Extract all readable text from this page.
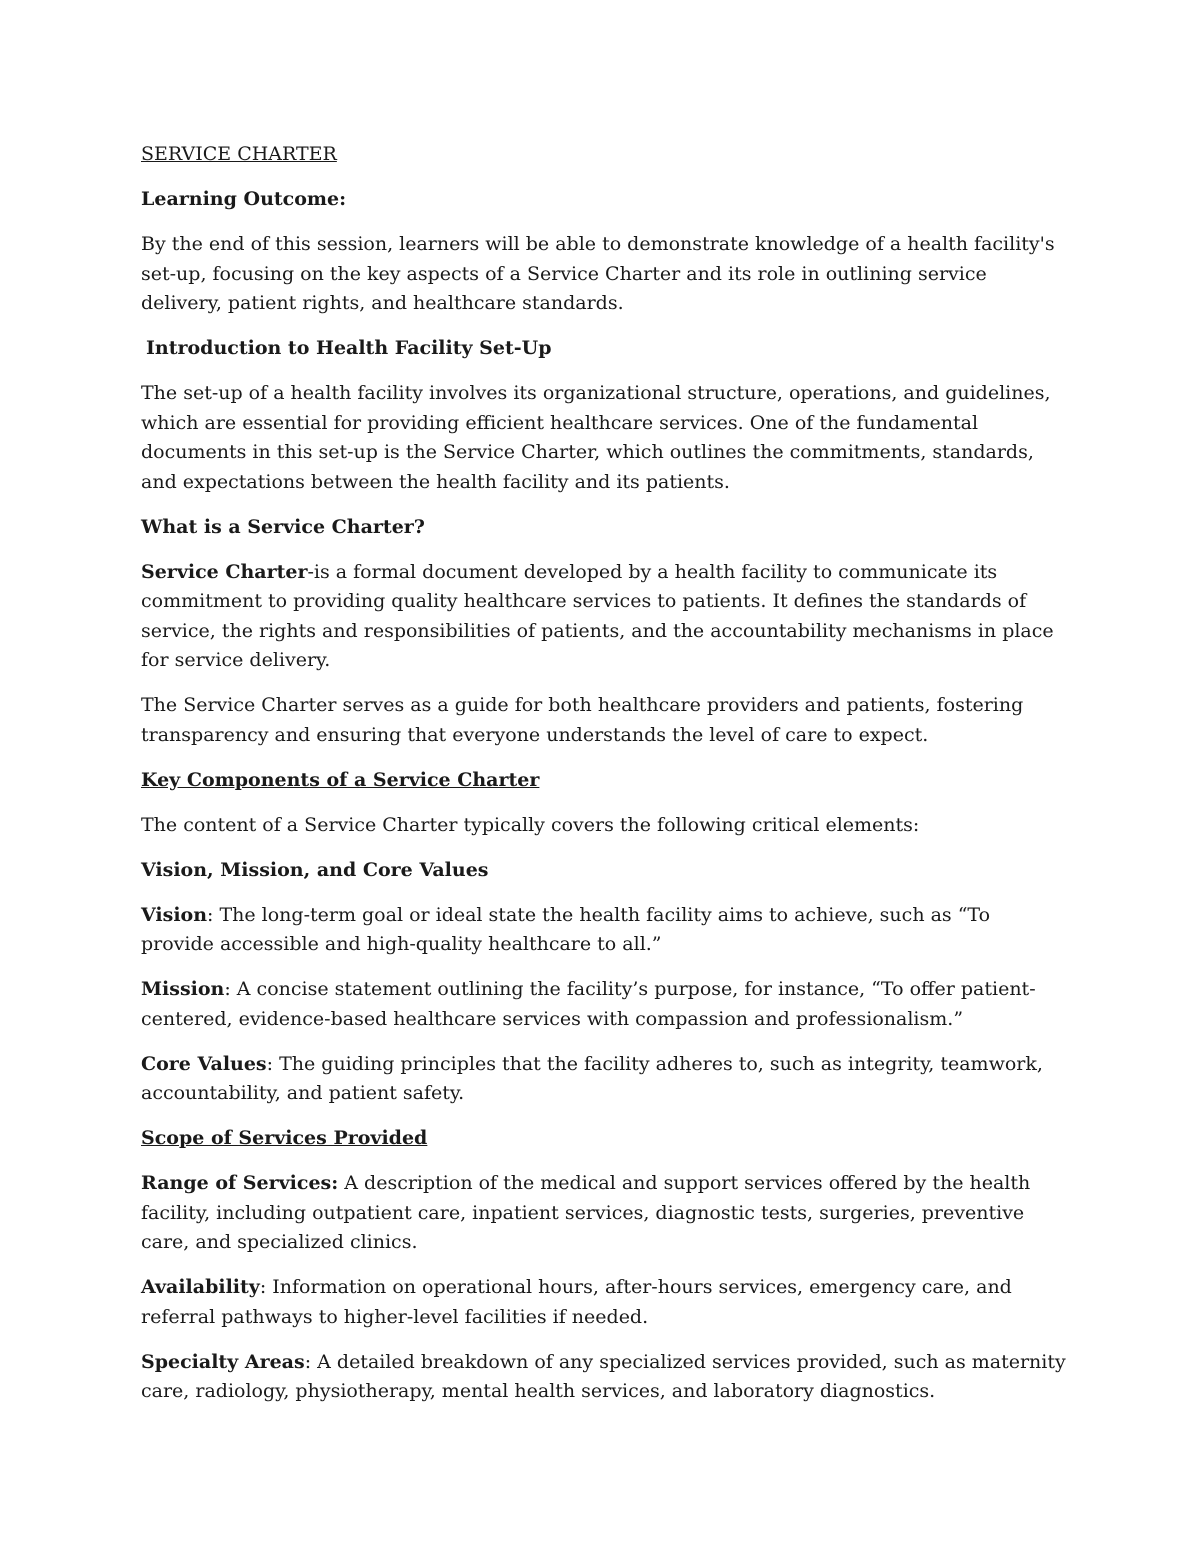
SERVICE CHARTER

Learning Outcome:

By the end of this session, learners will be able to demonstrate knowledge of a health facility's set-up, focusing on the key aspects of a Service Charter and its role in outlining service delivery, patient rights, and healthcare standards.

Introduction to Health Facility Set-Up

The set-up of a health facility involves its organizational structure, operations, and guidelines, which are essential for providing efficient healthcare services. One of the fundamental documents in this set-up is the Service Charter, which outlines the commitments, standards, and expectations between the health facility and its patients.

What is a Service Charter?

Service Charter-is a formal document developed by a health facility to communicate its commitment to providing quality healthcare services to patients. It defines the standards of service, the rights and responsibilities of patients, and the accountability mechanisms in place for service delivery.

The Service Charter serves as a guide for both healthcare providers and patients, fostering transparency and ensuring that everyone understands the level of care to expect.

Key Components of a Service Charter

The content of a Service Charter typically covers the following critical elements:

Vision, Mission, and Core Values

Vision: The long-term goal or ideal state the health facility aims to achieve, such as “To provide accessible and high-quality healthcare to all.”

Mission: A concise statement outlining the facility’s purpose, for instance, “To offer patient-centered, evidence-based healthcare services with compassion and professionalism.”

Core Values: The guiding principles that the facility adheres to, such as integrity, teamwork, accountability, and patient safety.

Scope of Services Provided

Range of Services: A description of the medical and support services offered by the health facility, including outpatient care, inpatient services, diagnostic tests, surgeries, preventive care, and specialized clinics.

Availability: Information on operational hours, after-hours services, emergency care, and referral pathways to higher-level facilities if needed.

Specialty Areas: A detailed breakdown of any specialized services provided, such as maternity care, radiology, physiotherapy, mental health services, and laboratory diagnostics.
